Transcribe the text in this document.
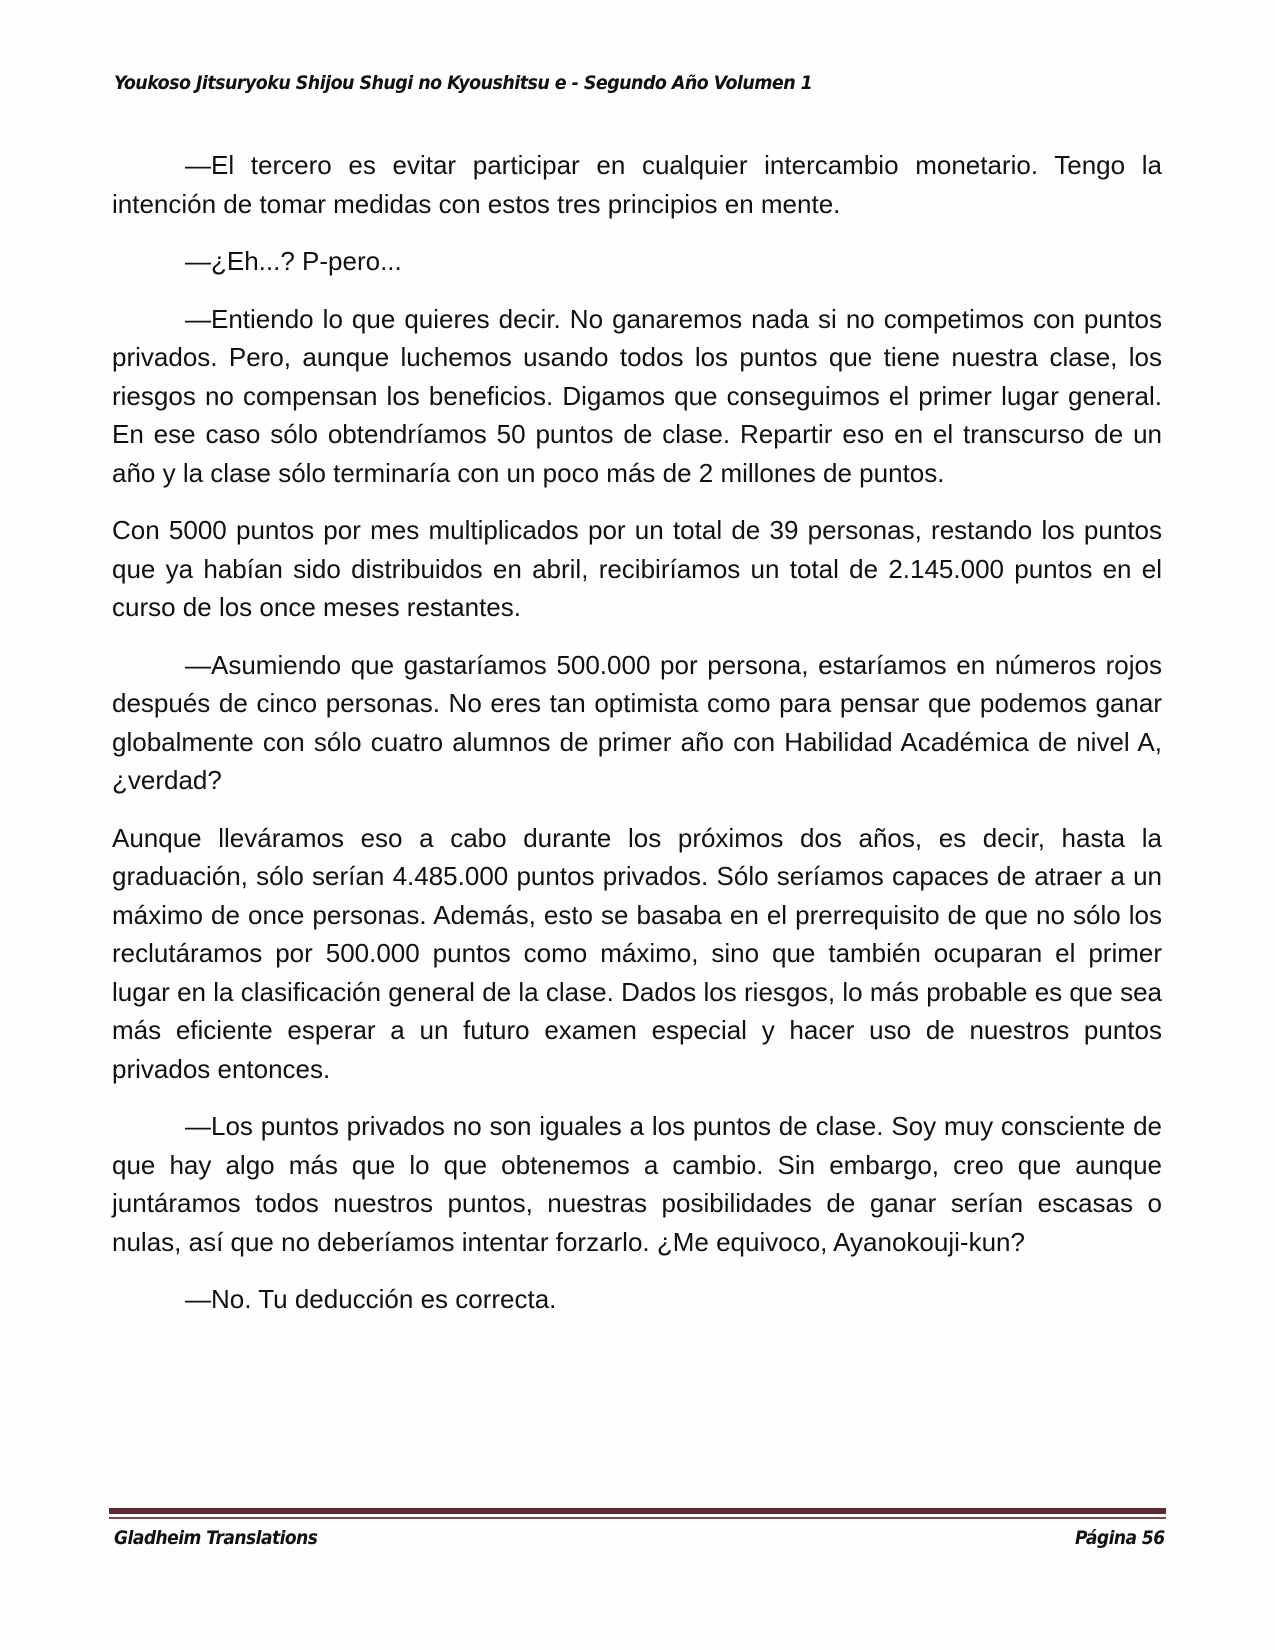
Youkoso Jitsuryoku Shijou Shugi no Kyoushitsu e - Segundo Año Volumen 1

—El tercero es evitar participar en cualquier intercambio monetario. Tengo la intención de tomar medidas con estos tres principios en mente.

—¿Eh...? P-pero...

—Entiendo lo que quieres decir. No ganaremos nada si no competimos con puntos privados. Pero, aunque luchemos usando todos los puntos que tiene nuestra clase, los riesgos no compensan los beneficios. Digamos que conseguimos el primer lugar general. En ese caso sólo obtendríamos 50 puntos de clase. Repartir eso en el transcurso de un año y la clase sólo terminaría con un poco más de 2 millones de puntos.

Con 5000 puntos por mes multiplicados por un total de 39 personas, restando los puntos que ya habían sido distribuidos en abril, recibiríamos un total de 2.145.000 puntos en el curso de los once meses restantes.

—Asumiendo que gastaríamos 500.000 por persona, estaríamos en números rojos después de cinco personas. No eres tan optimista como para pensar que podemos ganar globalmente con sólo cuatro alumnos de primer año con Habilidad Académica de nivel A, ¿verdad?

Aunque lleváramos eso a cabo durante los próximos dos años, es decir, hasta la graduación, sólo serían 4.485.000 puntos privados. Sólo seríamos capaces de atraer a un máximo de once personas. Además, esto se basaba en el prerrequisito de que no sólo los reclutáramos por 500.000 puntos como máximo, sino que también ocuparan el primer lugar en la clasificación general de la clase. Dados los riesgos, lo más probable es que sea más eficiente esperar a un futuro examen especial y hacer uso de nuestros puntos privados entonces.

—Los puntos privados no son iguales a los puntos de clase. Soy muy consciente de que hay algo más que lo que obtenemos a cambio. Sin embargo, creo que aunque juntáramos todos nuestros puntos, nuestras posibilidades de ganar serían escasas o nulas, así que no deberíamos intentar forzarlo. ¿Me equivoco, Ayanokouji-kun?

—No. Tu deducción es correcta.

Gladheim Translations	Página 56
